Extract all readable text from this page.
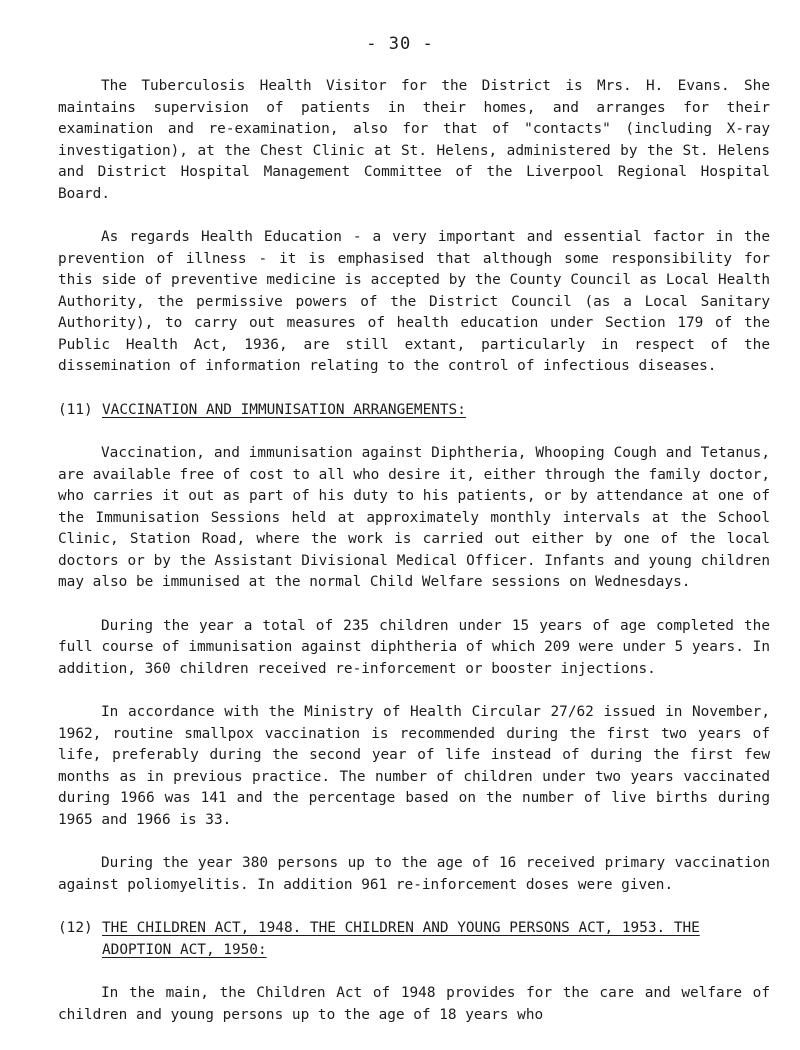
- 30 -

The Tuberculosis Health Visitor for the District is Mrs. H. Evans. She maintains supervision of patients in their homes, and arranges for their examination and re-examination, also for that of "contacts" (including X-ray investigation), at the Chest Clinic at St. Helens, administered by the St. Helens and District Hospital Management Committee of the Liverpool Regional Hospital Board.

As regards Health Education - a very important and essential factor in the prevention of illness - it is emphasised that although some responsibility for this side of preventive medicine is accepted by the County Council as Local Health Authority, the permissive powers of the District Council (as a Local Sanitary Authority), to carry out measures of health education under Section 179 of the Public Health Act, 1936, are still extant, particularly in respect of the dissemination of information relating to the control of infectious diseases.

(11) VACCINATION AND IMMUNISATION ARRANGEMENTS:

Vaccination, and immunisation against Diphtheria, Whooping Cough and Tetanus, are available free of cost to all who desire it, either through the family doctor, who carries it out as part of his duty to his patients, or by attendance at one of the Immunisation Sessions held at approximately monthly intervals at the School Clinic, Station Road, where the work is carried out either by one of the local doctors or by the Assistant Divisional Medical Officer. Infants and young children may also be immunised at the normal Child Welfare sessions on Wednesdays.

During the year a total of 235 children under 15 years of age completed the full course of immunisation against diphtheria of which 209 were under 5 years. In addition, 360 children received re-inforcement or booster injections.

In accordance with the Ministry of Health Circular 27/62 issued in November, 1962, routine smallpox vaccination is recommended during the first two years of life, preferably during the second year of life instead of during the first few months as in previous practice. The number of children under two years vaccinated during 1966 was 141 and the percentage based on the number of live births during 1965 and 1966 is 33.

During the year 380 persons up to the age of 16 received primary vaccination against poliomyelitis. In addition 961 re-inforcement doses were given.

(12) THE CHILDREN ACT, 1948. THE CHILDREN AND YOUNG PERSONS ACT, 1953. THE ADOPTION ACT, 1950:

In the main, the Children Act of 1948 provides for the care and welfare of children and young persons up to the age of 18 years who
